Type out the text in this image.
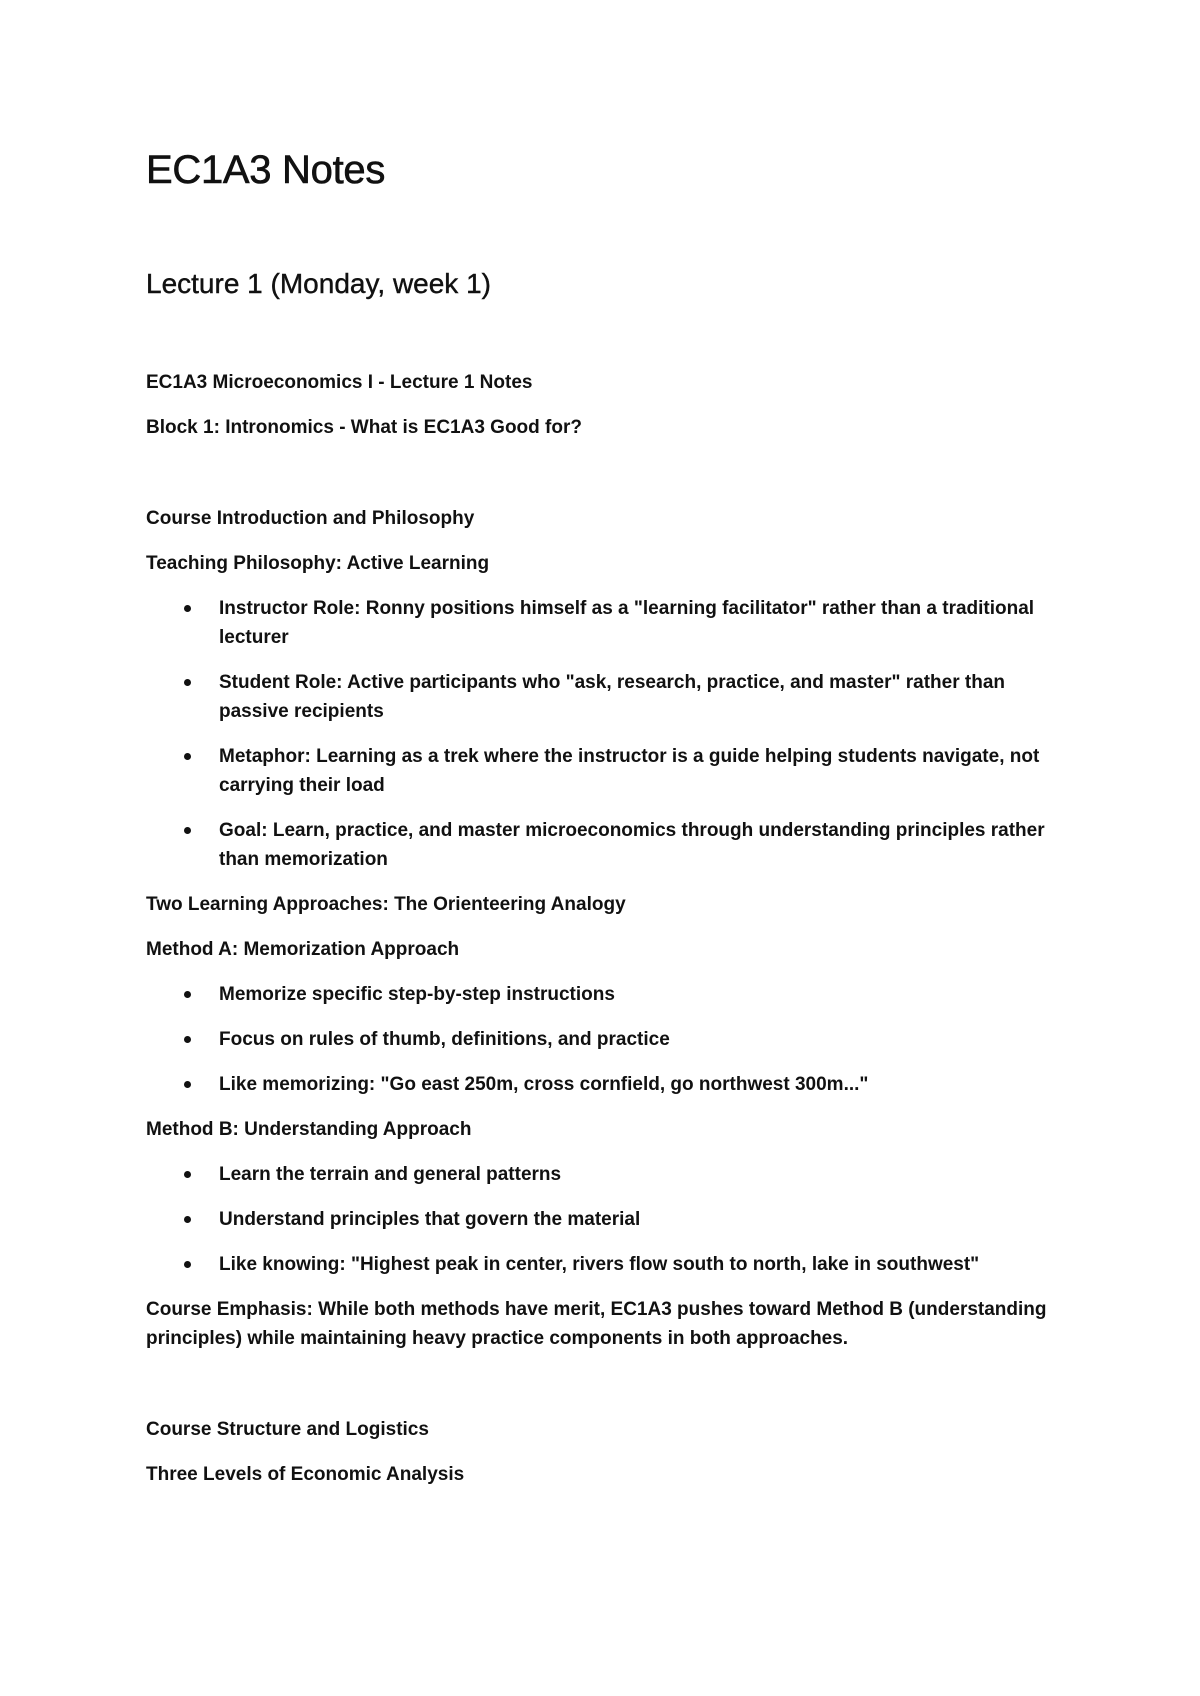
EC1A3 Notes
Lecture 1 (Monday, week 1)

EC1A3 Microeconomics I - Lecture 1 Notes

Block 1: Intronomics - What is EC1A3 Good for?

Course Introduction and Philosophy

Teaching Philosophy: Active Learning

Instructor Role: Ronny positions himself as a "learning facilitator" rather than a traditional lecturer
Student Role: Active participants who "ask, research, practice, and master" rather than passive recipients
Metaphor: Learning as a trek where the instructor is a guide helping students navigate, not carrying their load
Goal: Learn, practice, and master microeconomics through understanding principles rather than memorization

Two Learning Approaches: The Orienteering Analogy

Method A: Memorization Approach

Memorize specific step-by-step instructions
Focus on rules of thumb, definitions, and practice
Like memorizing: "Go east 250m, cross cornfield, go northwest 300m..."

Method B: Understanding Approach

Learn the terrain and general patterns
Understand principles that govern the material
Like knowing: "Highest peak in center, rivers flow south to north, lake in southwest"

Course Emphasis: While both methods have merit, EC1A3 pushes toward Method B (understanding principles) while maintaining heavy practice components in both approaches.

Course Structure and Logistics

Three Levels of Economic Analysis
